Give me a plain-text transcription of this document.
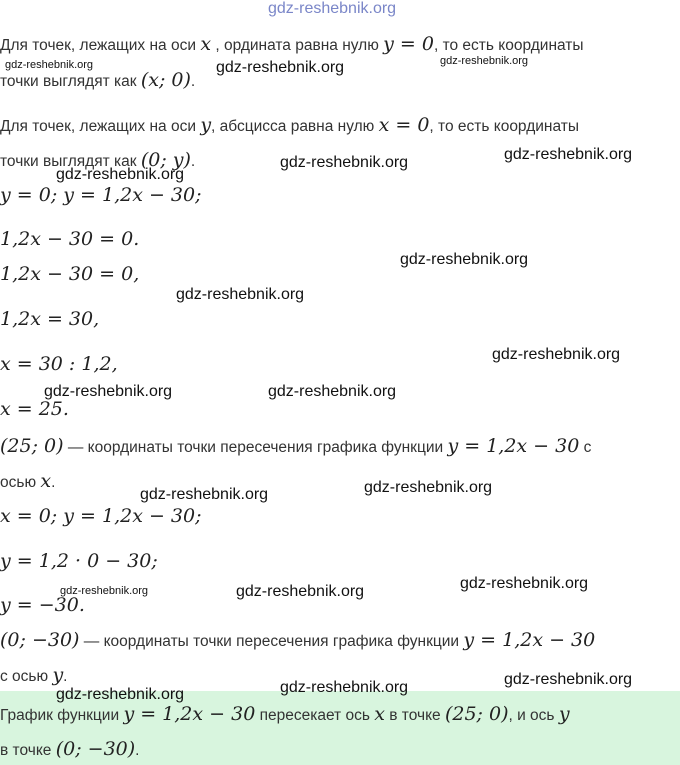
gdz-reshebnik.org
Для точек, лежащих на оси x , ордината равна нулю y = 0, то есть координаты
точки выглядят как (x; 0).
Для точек, лежащих на оси y, абсцисса равна нулю x = 0, то есть координаты
точки выглядят как (0; y).
y = 0; y = 1,2x − 30;
1,2x − 30 = 0.
1,2x − 30 = 0,
1,2x = 30,
x = 30 : 1,2,
x = 25.
(25; 0) — координаты точки пересечения графика функции y = 1,2x − 30 с
осью x.
x = 0; y = 1,2x − 30;
y = 1,2 · 0 − 30;
y = −30.
(0; −30) — координаты точки пересечения графика функции y = 1,2x − 30
с осью y.
График функции y = 1,2x − 30 пересекает ось x в точке (25; 0), и ось y
в точке (0; −30).
gdz-reshebnik.org	gdz-reshebnik.org	gdz-reshebnik.org
gdz-reshebnik.org	gdz-reshebnik.org
gdz-reshebnik.org
gdz-reshebnik.org
gdz-reshebnik.org
gdz-reshebnik.org
gdz-reshebnik.org	gdz-reshebnik.org
gdz-reshebnik.org	gdz-reshebnik.org
gdz-reshebnik.org	gdz-reshebnik.org	gdz-reshebnik.org
gdz-reshebnik.org	gdz-reshebnik.org	gdz-reshebnik.org
